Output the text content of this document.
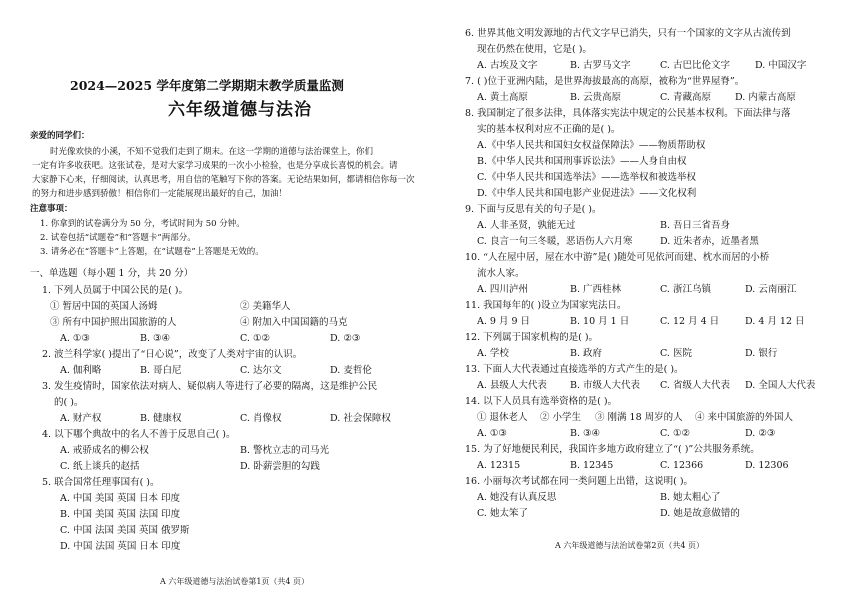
2024—2025 学年度第二学期期末教学质量监测
六年级道德与法治
亲爱的同学们：
时光像欢快的小溪，不知不觉我们走到了期末。在这一学期的道德与法治课堂上，你们
一定有许多收获吧。这张试卷，是对大家学习成果的一次小小检验，也是分享成长喜悦的机会。请
大家静下心来，仔细阅读，认真思考，用自信的笔触写下你的答案。无论结果如何，都请相信你每一次
的努力和进步感到骄傲！相信你们一定能展现出最好的自己，加油！
注意事项：
1. 你拿到的试卷满分为 50 分，考试时间为 50 分钟。
2. 试卷包括“试题卷”和“答题卡”两部分。
3. 请务必在“答题卡”上答题，在“试题卷”上答题是无效的。
一、单选题（每小题 1 分，共 20 分）
1. 下列人员属于中国公民的是( )。
① 暂居中国的英国人汤姆	② 美籍华人
③ 所有中国护照出国旅游的人	④ 附加入中国国籍的马克
A. ①③	B. ③④	C. ①②	D. ②③
2. 波兰科学家( )提出了“日心说”，改变了人类对宇宙的认识。
A. 伽利略	B. 哥白尼	C. 达尔文	D. 麦哲伦
3. 发生疫情时，国家依法对病人、疑似病人等进行了必要的隔离，这是维护公民
的( )。
A. 财产权	B. 健康权	C. 肖像权	D. 社会保障权
4. 以下哪个典故中的名人不善于反思自己( )。
A. 戒骄成名的柳公权	B. 警枕立志的司马光
C. 纸上谈兵的赵括	D. 卧薪尝胆的勾践
5. 联合国常任理事国有( )。
A. 中国 美国 英国 日本 印度
B. 中国 美国 英国 法国 印度
C. 中国 法国 美国 英国 俄罗斯
D. 中国 法国 英国 日本 印度
A 六年级道德与法治试卷第1页（共4 页）
6. 世界其他文明发源地的古代文字早已消失，只有一个国家的文字从古流传到
现在仍然在使用，它是( )。
A. 古埃及文字	B. 古罗马文字	C. 古巴比伦文字	D. 中国汉字
7. ( )位于亚洲内陆，是世界海拔最高的高原，被称为“世界屋脊”。
A. 黄土高原	B. 云贵高原	C. 青藏高原	D. 内蒙古高原
8. 我国制定了很多法律，具体落实宪法中规定的公民基本权利。下面法律与落
实的基本权利对应不正确的是( )。
A.《中华人民共和国妇女权益保障法》——物质帮助权
B.《中华人民共和国刑事诉讼法》——人身自由权
C.《中华人民共和国选举法》——选举权和被选举权
D.《中华人民共和国电影产业促进法》——文化权利
9. 下面与反思有关的句子是( )。
A. 人非圣贤，孰能无过	B. 吾日三省吾身
C. 良言一句三冬暖，恶语伤人六月寒	D. 近朱者赤，近墨者黑
10. “人在屋中居，屋在水中游”是( )随处可见依河而建、枕水而居的小桥
流水人家。
A. 四川泸州	B. 广西桂林	C. 浙江乌镇	D. 云南丽江
11. 我国每年的( )设立为国家宪法日。
A. 9 月 9 日	B. 10 月 1 日	C. 12 月 4 日	D. 4 月 12 日
12. 下列属于国家机构的是( )。
A. 学校	B. 政府	C. 医院	D. 银行
13. 下面人大代表通过直接选举的方式产生的是( )。
A. 县级人大代表 B. 市级人大代表 C. 省级人大代表 D. 全国人大代表
14. 以下人员具有选举资格的是( )。
① 退休老人 ② 小学生 ③ 刚满 18 周岁的人 ④ 来中国旅游的外国人
A. ①③	B. ③④	C. ①②	D. ②③
15. 为了好地便民利民，我国许多地方政府建立了“( )”公共服务系统。
A. 12315	B. 12345	C. 12366	D. 12306
16. 小丽每次考试都在同一类问题上出错，这说明( )。
A. 她没有认真反思	B. 她太粗心了
C. 她太笨了	D. 她是故意做错的
A 六年级道德与法治试卷第2页（共4 页）
